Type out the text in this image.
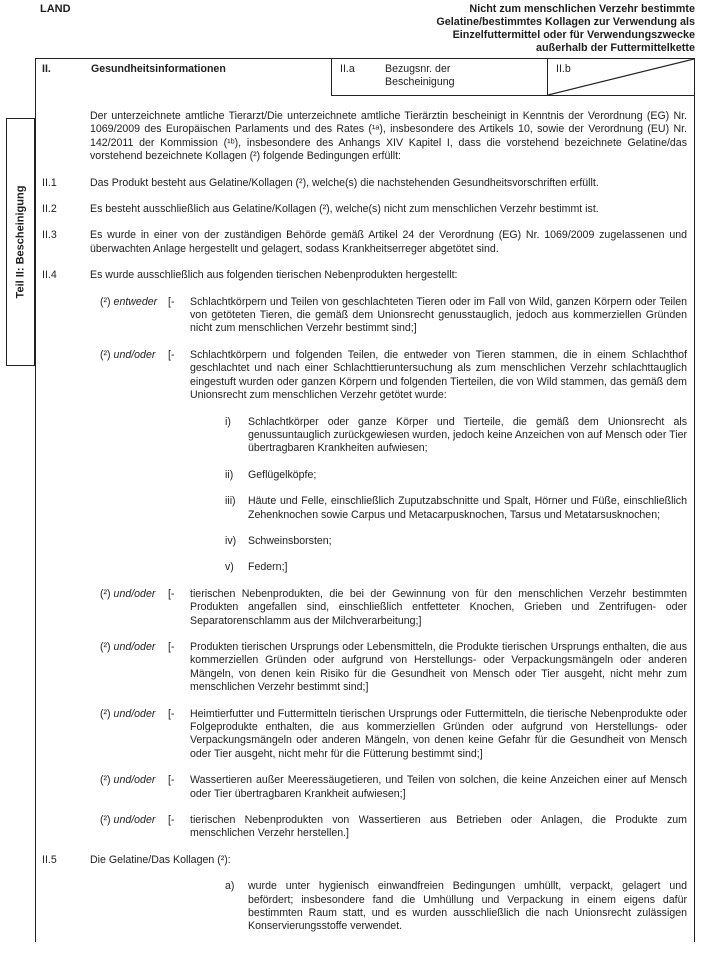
LAND	Nicht zum menschlichen Verzehr bestimmte
Gelatine/bestimmtes Kollagen zur Verwendung als
Einzelfuttermittel oder für Verwendungszwecke
außerhalb der Futtermittelkette
Teil II: Bescheinigung
II.	Gesundheitsinformationen	II.a	Bezugsnr. der
Bescheinigung
II.b
Der unterzeichnete amtliche Tierarzt/Die unterzeichnete amtliche Tierärztin bescheinigt in Kenntnis der Verordnung (EG) Nr. 1069/2009 des Europäischen Parlaments und des Rates (¹ᵃ), insbesondere des Artikels 10, sowie der Verordnung (EU) Nr. 142/2011 der Kommission (¹ᵇ), insbesondere des Anhangs XIV Kapitel I, dass die vorstehend bezeichnete Gelatine/das vorstehend bezeichnete Kollagen (²) folgende Bedingungen erfüllt:
II.1	Das Produkt besteht aus Gelatine/Kollagen (²), welche(s) die nachstehenden Gesundheitsvorschriften erfüllt.
II.2	Es besteht ausschließlich aus Gelatine/Kollagen (²), welche(s) nicht zum menschlichen Verzehr bestimmt ist.
II.3	Es wurde in einer von der zuständigen Behörde gemäß Artikel 24 der Verordnung (EG) Nr. 1069/2009 zugelassenen und überwachten Anlage hergestellt und gelagert, sodass Krankheitserreger abgetötet sind.
II.4	Es wurde ausschließlich aus folgenden tierischen Nebenprodukten hergestellt:
(²) entweder	[-	Schlachtkörpern und Teilen von geschlachteten Tieren oder im Fall von Wild, ganzen Körpern oder Teilen von getöteten Tieren, die gemäß dem Unionsrecht genusstauglich, jedoch aus kommerziellen Gründen nicht zum menschlichen Verzehr bestimmt sind;]
(²) und/oder	[-	Schlachtkörpern und folgenden Teilen, die entweder von Tieren stammen, die in einem Schlachthof geschlachtet und nach einer Schlachttieruntersuchung als zum menschlichen Verzehr schlachttauglich eingestuft wurden oder ganzen Körpern und folgenden Tierteilen, die von Wild stammen, das gemäß dem Unionsrecht zum menschlichen Verzehr getötet wurde:
i)	Schlachtkörper oder ganze Körper und Tierteile, die gemäß dem Unionsrecht als genussuntauglich zurückgewiesen wurden, jedoch keine Anzeichen von auf Mensch oder Tier übertragbaren Krankheiten aufwiesen;
ii)	Geflügelköpfe;
iii)	Häute und Felle, einschließlich Zuputzabschnitte und Spalt, Hörner und Füße, einschließlich Zehenknochen sowie Carpus und Metacarpusknochen, Tarsus und Metatarsusknochen;
iv)	Schweinsborsten;
v)	Federn;]
(²) und/oder	[-	tierischen Nebenprodukten, die bei der Gewinnung von für den menschlichen Verzehr bestimmten Produkten angefallen sind, einschließlich entfetteter Knochen, Grieben und Zentrifugen- oder Separatorenschlamm aus der Milchverarbeitung;]
(²) und/oder	[-	Produkten tierischen Ursprungs oder Lebensmitteln, die Produkte tierischen Ursprungs enthalten, die aus kommerziellen Gründen oder aufgrund von Herstellungs- oder Verpackungsmängeln oder anderen Mängeln, von denen kein Risiko für die Gesundheit von Mensch oder Tier ausgeht, nicht mehr zum menschlichen Verzehr bestimmt sind;]
(²) und/oder	[-	Heimtierfutter und Futtermitteln tierischen Ursprungs oder Futtermitteln, die tierische Nebenprodukte oder Folgeprodukte enthalten, die aus kommerziellen Gründen oder aufgrund von Herstellungs- oder Verpackungsmängeln oder anderen Mängeln, von denen keine Gefahr für die Gesundheit von Mensch oder Tier ausgeht, nicht mehr für die Fütterung bestimmt sind;]
(²) und/oder	[-	Wassertieren außer Meeressäugetieren, und Teilen von solchen, die keine Anzeichen einer auf Mensch oder Tier übertragbaren Krankheit aufwiesen;]
(²) und/oder	[-	tierischen Nebenprodukten von Wassertieren aus Betrieben oder Anlagen, die Produkte zum menschlichen Verzehr herstellen.]
II.5	Die Gelatine/Das Kollagen (²):
a)	wurde unter hygienisch einwandfreien Bedingungen umhüllt, verpackt, gelagert und befördert; insbesondere fand die Umhüllung und Verpackung in einem eigens dafür bestimmten Raum statt, und es wurden ausschließlich die nach Unionsrecht zulässigen Konservierungsstoffe verwendet.
